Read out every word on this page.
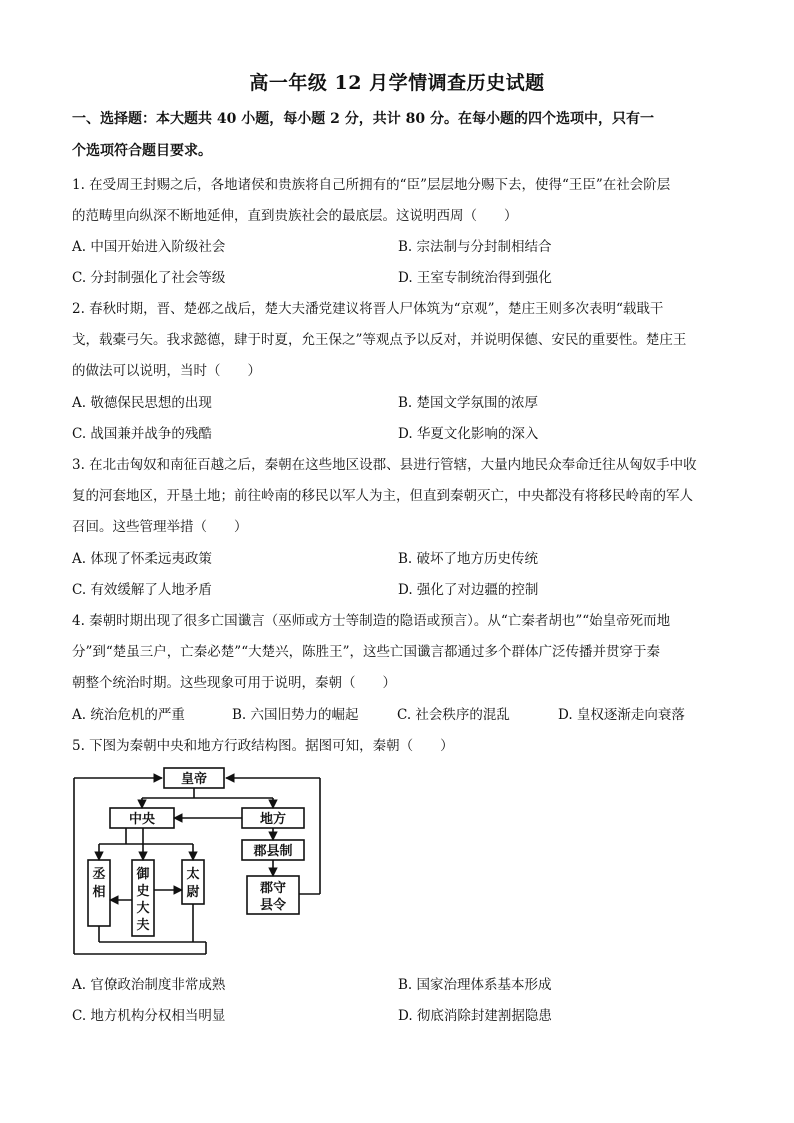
高一年级 12 月学情调查历史试题
一、选择题：本大题共 40 小题，每小题 2 分，共计 80 分。在每小题的四个选项中，只有一
个选项符合题目要求。
1. 在受周王封赐之后，各地诸侯和贵族将自己所拥有的“臣”层层地分赐下去，使得“王臣”在社会阶层
的范畴里向纵深不断地延伸，直到贵族社会的最底层。这说明西周（　　）
A. 中国开始进入阶级社会	B. 宗法制与分封制相结合
C. 分封制强化了社会等级	D. 王室专制统治得到强化
2. 春秋时期，晋、楚邲之战后，楚大夫潘党建议将晋人尸体筑为“京观”，楚庄王则多次表明“载戢干
戈，载橐弓矢。我求懿德，肆于时夏，允王保之”等观点予以反对，并说明保德、安民的重要性。楚庄王
的做法可以说明，当时（　　）
A. 敬德保民思想的出现	B. 楚国文学氛围的浓厚
C. 战国兼并战争的残酷	D. 华夏文化影响的深入
3. 在北击匈奴和南征百越之后，秦朝在这些地区设郡、县进行管辖，大量内地民众奉命迁往从匈奴手中收
复的河套地区，开垦土地；前往岭南的移民以军人为主，但直到秦朝灭亡，中央都没有将移民岭南的军人
召回。这些管理举措（　　）
A. 体现了怀柔远夷政策	B. 破坏了地方历史传统
C. 有效缓解了人地矛盾	D. 强化了对边疆的控制
4. 秦朝时期出现了很多亡国谶言（巫师或方士等制造的隐语或预言）。从“亡秦者胡也”“始皇帝死而地
分”到“楚虽三户，亡秦必楚”“大楚兴，陈胜王”，这些亡国谶言都通过多个群体广泛传播并贯穿于秦
朝整个统治时期。这些现象可用于说明，秦朝（　　）
A. 统治危机的严重	B. 六国旧势力的崛起	C. 社会秩序的混乱	D. 皇权逐渐走向衰落
5. 下图为秦朝中央和地方行政结构图。据图可知，秦朝（　　）
皇帝
中央	地方
郡县制
丞
相
御
史
大
夫
太
尉	郡守
县令
A. 官僚政治制度非常成熟	B. 国家治理体系基本形成
C. 地方机构分权相当明显	D. 彻底消除封建割据隐患
